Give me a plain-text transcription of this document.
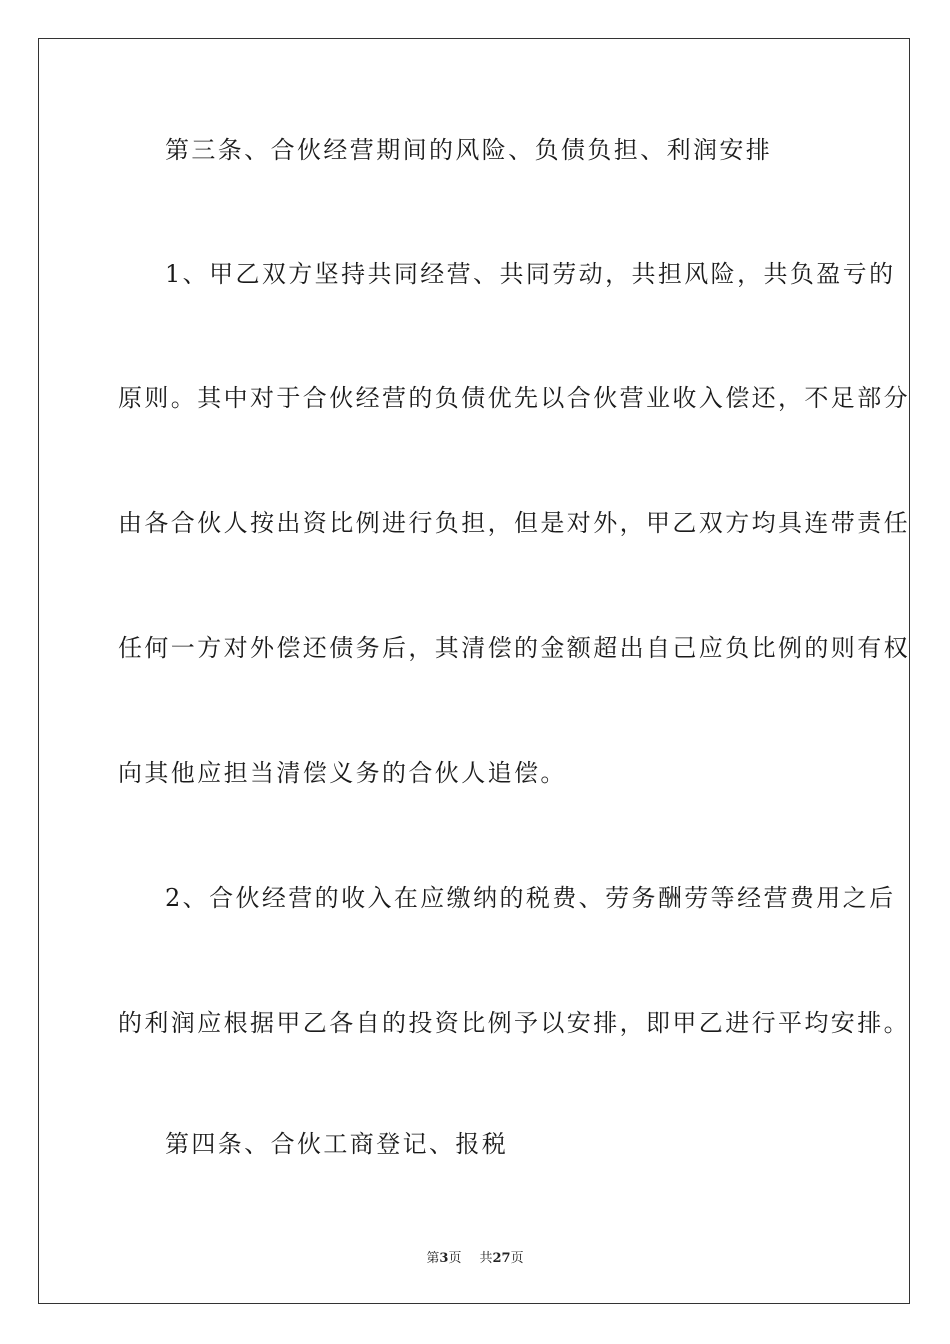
第三条、合伙经营期间的风险、负债负担、利润安排
1、甲乙双方坚持共同经营、共同劳动，共担风险，共负盈亏的
原则。其中对于合伙经营的负债优先以合伙营业收入偿还，不足部分
由各合伙人按出资比例进行负担，但是对外，甲乙双方均具连带责任
任何一方对外偿还债务后，其清偿的金额超出自己应负比例的则有权
向其他应担当清偿义务的合伙人追偿。
2、合伙经营的收入在应缴纳的税费、劳务酬劳等经营费用之后
的利润应根据甲乙各自的投资比例予以安排，即甲乙进行平均安排。
第四条、合伙工商登记、报税
第3页 共27页
